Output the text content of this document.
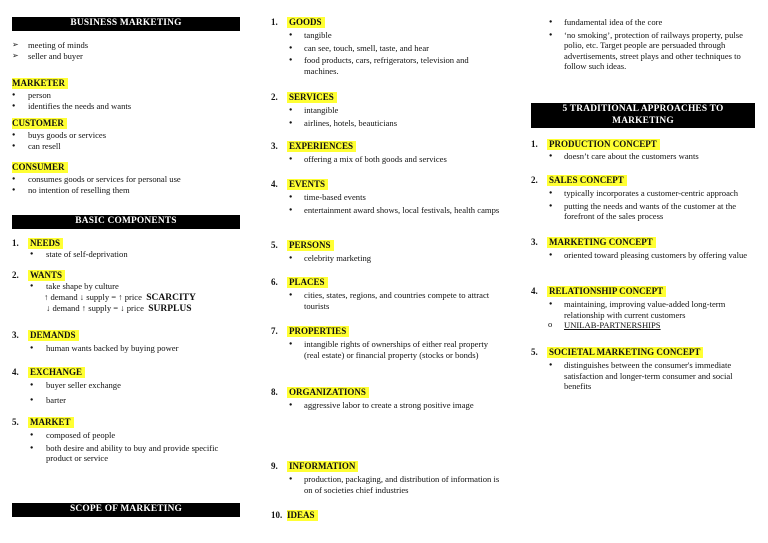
BUSINESS MARKETING
➢ meeting of minds
➢ seller and buyer
MARKETER
● person
● identifies the needs and wants
CUSTOMER
● buys goods or services
● can resell
CONSUMER
● consumes goods or services for personal use
● no intention of reselling them
BASIC COMPONENTS
1. NEEDS
● state of self-deprivation
2. WANTS
● take shape by culture
↑ demand ↓ supply = ↑ price SCARCITY
↓ demand ↑ supply = ↓ price SURPLUS
3. DEMANDS
● human wants backed by buying power
4. EXCHANGE
● buyer seller exchange
● barter
5. MARKET
● composed of people
● both desire and ability to buy and provide specific product or service
SCOPE OF MARKETING
1. GOODS
● tangible
● can see, touch, smell, taste, and hear
● food products, cars, refrigerators, television and machines.
2. SERVICES
● intangible
● airlines, hotels, beauticians
3. EXPERIENCES
● offering a mix of both goods and services
4. EVENTS
● time-based events
● entertainment award shows, local festivals, health camps
5. PERSONS
● celebrity marketing
6. PLACES
● cities, states, regions, and countries compete to attract tourists
7. PROPERTIES
● intangible rights of ownerships of either real property (real estate) or financial property (stocks or bonds)
8. ORGANIZATIONS
● aggressive labor to create a strong positive image
9. INFORMATION
● production, packaging, and distribution of information is on of societies chief industries
10. IDEAS
● fundamental idea of the core
● ‘no smoking’, protection of railways property, pulse polio, etc. Target people are persuaded through advertisements, street plays and other techniques to follow such ideas.
5 TRADITIONAL APPROACHES TO MARKETING
1. PRODUCTION CONCEPT
● doesn’t care about the customers wants
2. SALES CONCEPT
● typically incorporates a customer-centric approach
● putting the needs and wants of the customer at the forefront of the sales process
3. MARKETING CONCEPT
● oriented toward pleasing customers by offering value
4. RELATIONSHIP CONCEPT
● maintaining, improving value-added long-term relationship with current customers
o UNILAB-PARTNERSHIPS
5. SOCIETAL MARKETING CONCEPT
● distinguishes between the consumer's immediate satisfaction and longer-term consumer and social benefits
